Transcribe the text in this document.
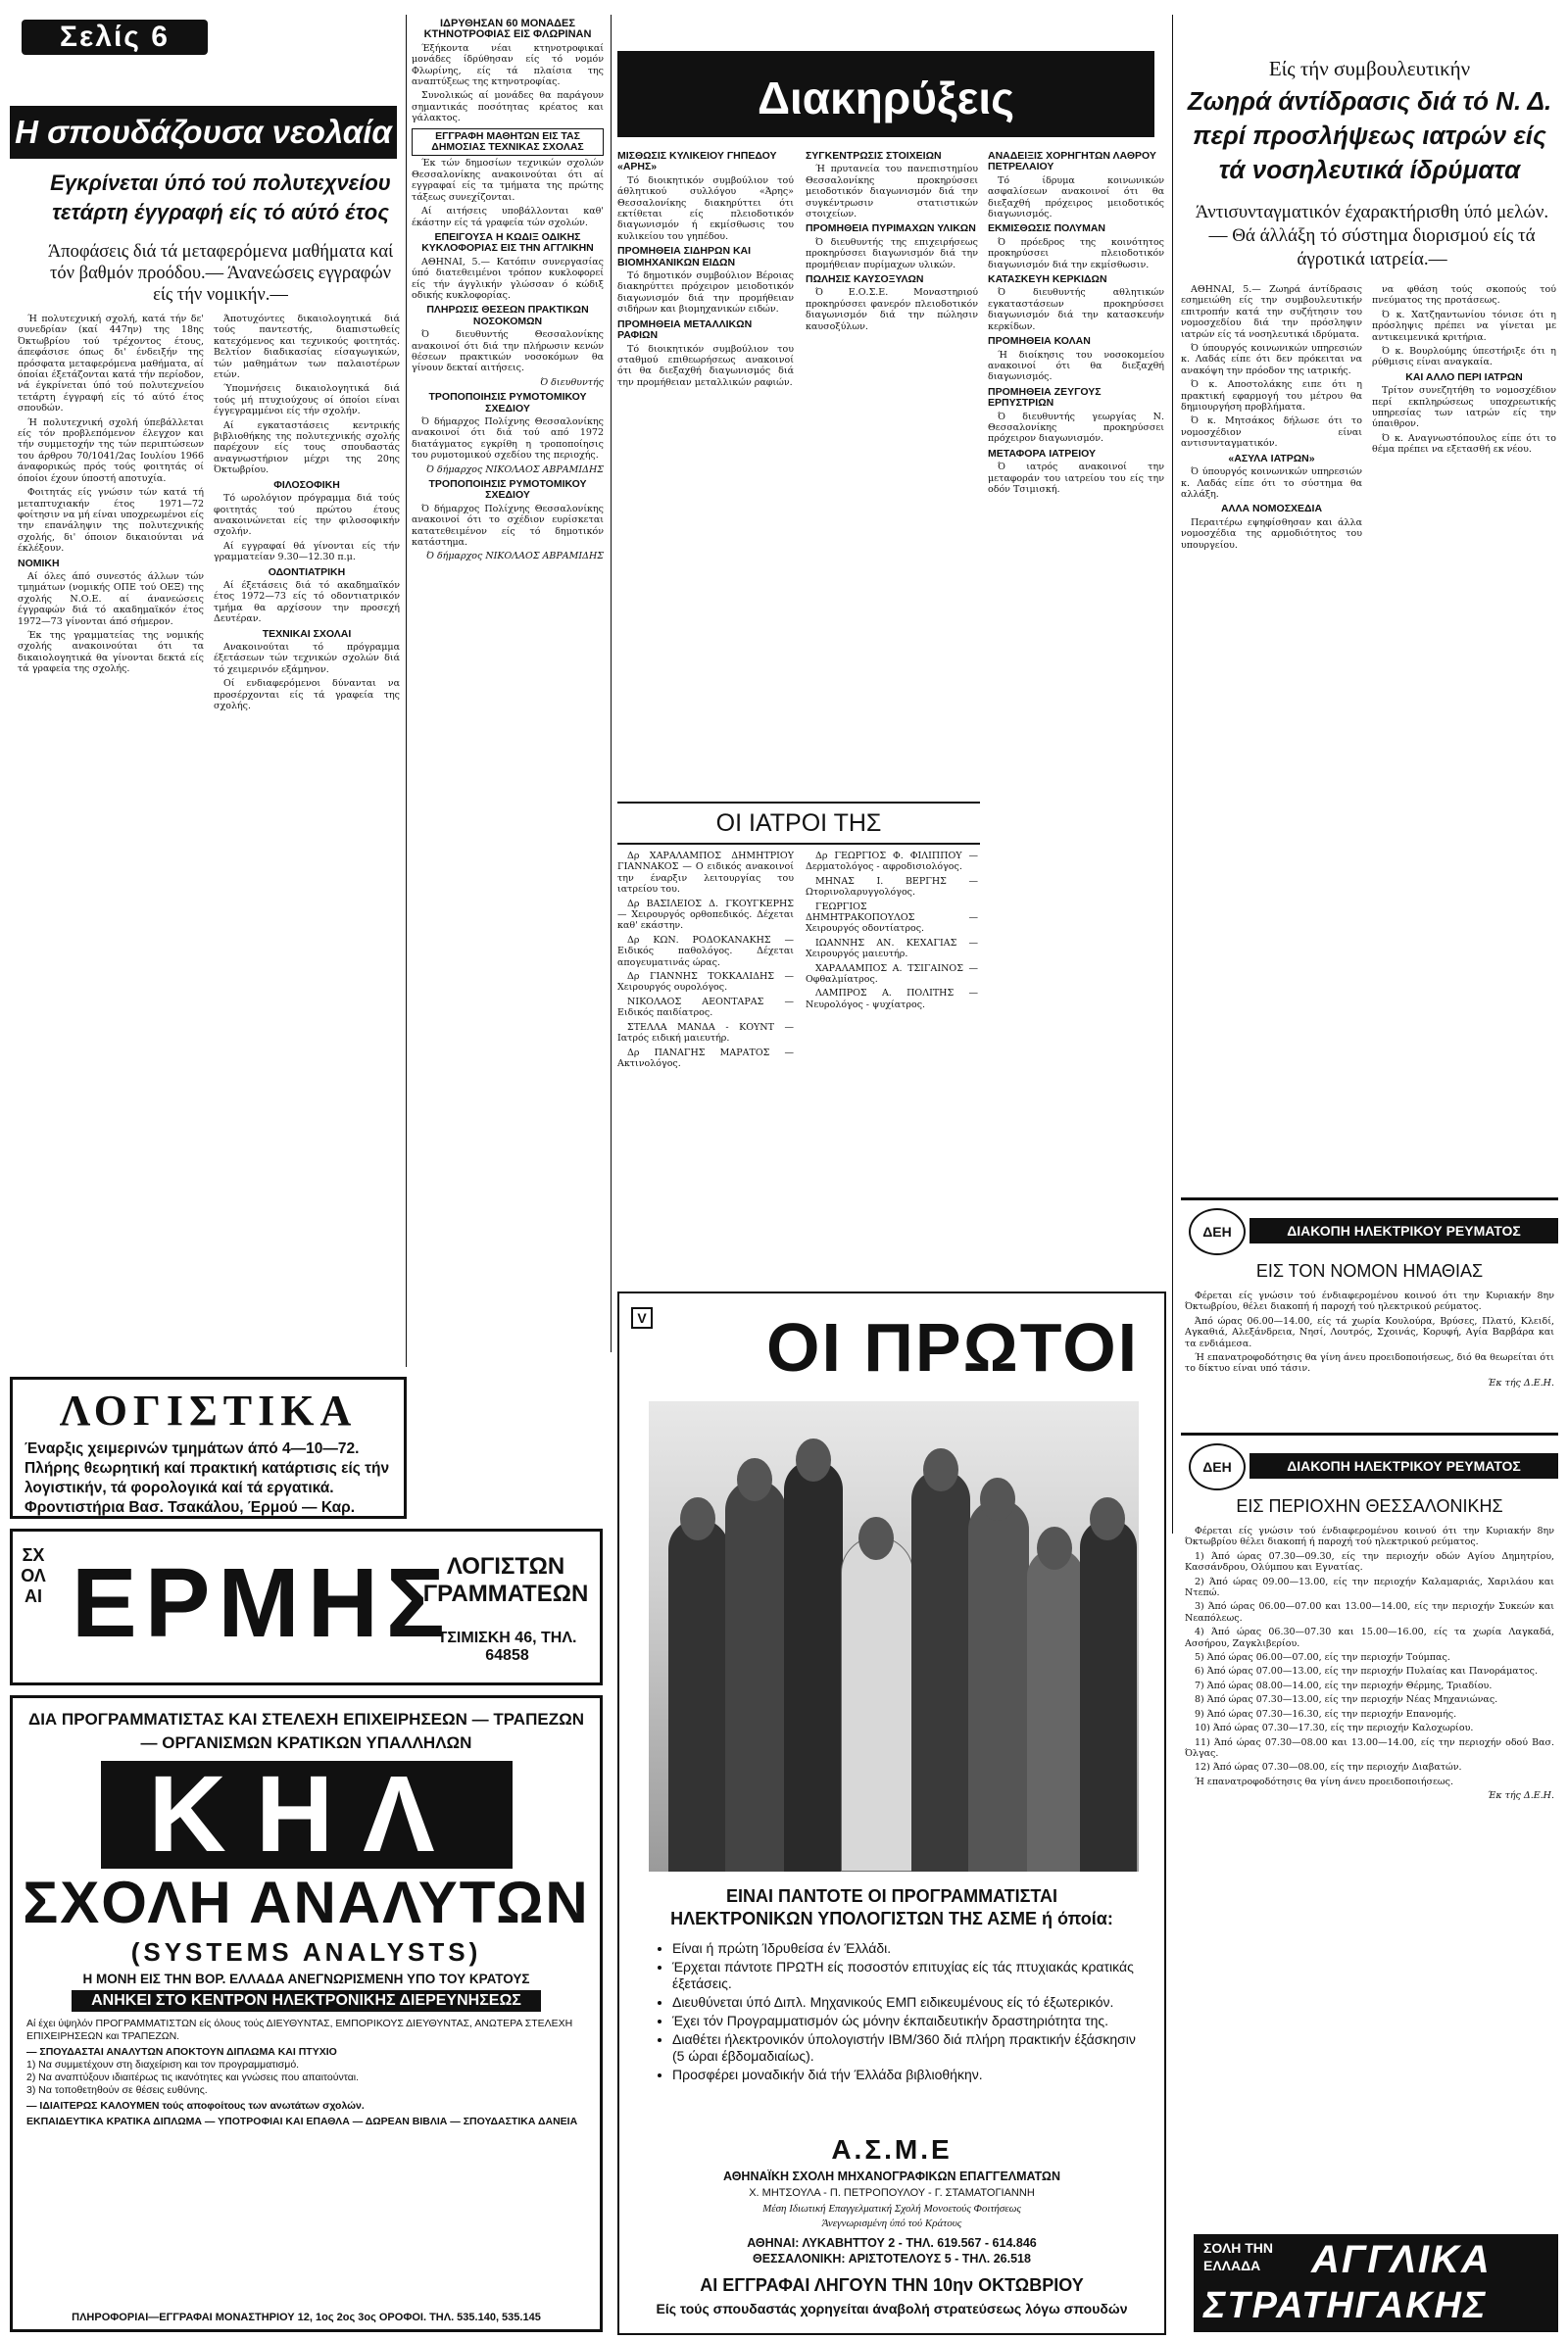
Σελίς 6
Η σπουδάζουσα νεολαία
Εγκρίνεται ύπό τού πολυτεχνείου τετάρτη έγγραφή είς τό αύτό έτος
Άποφάσεις διά τά μεταφερόμενα μαθήματα καί τόν βαθμόν προόδου.— Άνανεώσεις εγγραφών είς τήν νομικήν.—

Ή πολυτεχνική σχολή, κατά τήν δε' συνεδρίαν (καί 447ην) της 18ης Όκτωβρίου τού τρέχοντος έτους, άπεφάσισε όπως δι' ένδειξήν της πρόσφατα μεταφερόμενα μαθήματα, αί όποίαι έξετάζονται κατά τήν περίοδον, νά έγκρίνεται ύπό τού πολυτεχνείου τετάρτη έγγραφή είς τό αύτό έτος σπουδών.

Ή πολυτεχνική σχολή ύπεβάλλεται είς τόν προβλεπόμενον έλεγχον και τήν συμμετοχήν της τών περιπτώσεων του άρθρου 70/1041/2ας Ιουλίου 1966 άναφορικώς πρός τούς φοιτητάς οί όποίοι έχουν ύποστή αποτυχία.

Φοιτητάς είς γνώσιν τών κατά τή μεταπτυχιακήν έτος 1971—72 φοίτησιν να μή είναι υποχρεωμένοι είς την επανάληψιν της πολυτεχνικής σχολής, δι' όποιον δικαιούνται νά έκλέξουν.

ΝΟΜΙΚΗ

Αί όλες άπό συνεστός άλλων τών τμημάτων (νομικής ΟΠΕ τού ΟΕΞ) της σχολής Ν.Ο.Ε. αί άνανεώσεις έγγραφών διά τό ακαδημαϊκόν έτος 1972—73 γίνονται άπό σήμερον.

Έκ της γραμματείας της νομικής σχολής ανακοινούται ότι τα δικαιολογητικά θα γίνονται δεκτά είς τά γραφεία της σχολής.

Άποτυχόντες δικαιολογητικά διά τούς παντεστής, διαπιστωθείς κατεχόμενος και τεχνικούς φοιτητάς. Βελτίον διαδικασίας είσαγωγικών, τών μαθημάτων των παλαιοτέρων ετών.

Ύπομνήσεις δικαιολογητικά διά τούς μή πτυχιούχους οί όποίοι είναι έγγεγραμμένοι είς τήν σχολήν.

Αί εγκαταστάσεις κεντρικής βιβλιοθήκης της πολυτεχνικής σχολής παρέχουν είς τους σπουδαστάς αναγνωστήριον μέχρι της 20ης Όκτωβρίου.

ΦΙΛΟΣΟΦΙΚΗ

Τό ωρολόγιον πρόγραμμα διά τούς φοιτητάς τού πρώτου έτους ανακοινώνεται είς την φιλοσοφικήν σχολήν.

Αί εγγραφαί θά γίνονται είς τήν γραμματείαν 9.30—12.30 π.μ.

ΟΔΟΝΤΙΑΤΡΙΚΗ

Αί έξετάσεις διά τό ακαδημαϊκόν έτος 1972—73 είς τό οδοντιατρικόν τμήμα θα αρχίσουν την προσεχή Δευτέραν.

ΤΕΧΝΙΚΑΙ ΣΧΟΛΑΙ

Ανακοινούται τό πρόγραμμα έξετάσεων τών τεχνικών σχολών διά τό χειμερινόν εξάμηνον.

Οί ενδιαφερόμενοι δύνανται να προσέρχονται είς τά γραφεία της σχολής.

ΙΔΡΥΘΗΣΑΝ 60 ΜΟΝΑΔΕΣ ΚΤΗΝΟΤΡΟΦΙΑΣ ΕΙΣ ΦΛΩΡΙΝΑΝ

Έξήκοντα νέαι κτηνοτροφικαί μονάδες ίδρύθησαν είς τό νομόν Φλωρίνης, είς τά πλαίσια της αναπτύξεως της κτηνοτροφίας.

Συνολικώς αί μονάδες θα παράγουν σημαντικάς ποσότητας κρέατος και γάλακτος.

ΕΓΓΡΑΦΗ ΜΑΘΗΤΩΝ ΕΙΣ ΤΑΣ ΔΗΜΟΣΙΑΣ ΤΕΧΝΙΚΑΣ ΣΧΟΛΑΣ

Έκ τών δημοσίων τεχνικών σχολών Θεσσαλονίκης ανακοινούται ότι αί εγγραφαί είς τα τμήματα της πρώτης τάξεως συνεχίζονται.

Αί αιτήσεις υποβάλλονται καθ' έκάστην είς τά γραφεία τών σχολών.

ΕΠΕΙΓΟΥΣΑ Η ΚΩΔΙΞ ΟΔΙΚΗΣ ΚΥΚΛΟΦΟΡΙΑΣ ΕΙΣ ΤΗΝ ΑΓΓΛΙΚΗΝ

ΑΘΗΝΑΙ, 5.— Κατόπιν συνεργασίας ύπό διατεθειμένοι τρόπον κυκλοφορεί είς τήν άγγλικήν γλώσσαν ό κώδιξ οδικής κυκλοφορίας.

ΠΛΗΡΩΣΙΣ ΘΕΣΕΩΝ ΠΡΑΚΤΙΚΩΝ ΝΟΣΟΚΟΜΩΝ

Ό διευθυντής Θεσσαλονίκης ανακοινοί ότι διά την πλήρωσιν κενών θέσεων πρακτικών νοσοκόμων θα γίνουν δεκταί αιτήσεις.

Ό διευθυντής
ΤΡΟΠΟΠΟΙΗΣΙΣ ΡΥΜΟΤΟΜΙΚΟΥ ΣΧΕΔΙΟΥ

Ό δήμαρχος Πολίχνης Θεσσαλονίκης ανακοινοί ότι διά τού από 1972 διατάγματος εγκρίθη η τροποποίησις του ρυμοτομικού σχεδίου της περιοχής.

Ό δήμαρχος ΝΙΚΟΛΑΟΣ ΑΒΡΑΜΙΔΗΣ
ΤΡΟΠΟΠΟΙΗΣΙΣ ΡΥΜΟΤΟΜΙΚΟΥ ΣΧΕΔΙΟΥ

Ό δήμαρχος Πολίχνης Θεσσαλονίκης ανακοινοί ότι το σχέδιον ευρίσκεται κατατεθειμένον είς τό δημοτικόν κατάστημα.

Ό δήμαρχος ΝΙΚΟΛΑΟΣ ΑΒΡΑΜΙΔΗΣ
ΛΟΓΙΣΤΙΚΑ
Έναρξις χειμερινών τμημάτων άπό 4—10—72. Πλήρης θεωρητική καί πρακτική κατάρτισις είς τήν λογιστικήν, τά φορολογικά καί τά εργατικά. Φροντιστήρια Βασ. Τσακάλου, Έρμού — Καρ.
ΣΧΟΛΑΙ ΕΡΜΗΣ
ΛΟΓΙΣΤΩΝ ΓΡΑΜΜΑΤΕΩΝ
ΤΣΙΜΙΣΚΗ 46, ΤΗΛ. 64858
ΔΙΑ ΠΡΟΓΡΑΜΜΑΤΙΣΤΑΣ ΚΑΙ ΣΤΕΛΕΧΗ ΕΠΙΧΕΙΡΗΣΕΩΝ — ΤΡΑΠΕΖΩΝ
— ΟΡΓΑΝΙΣΜΩΝ ΚΡΑΤΙΚΩΝ ΥΠΑΛΛΗΛΩΝ
ΚΗΛ
ΣΧΟΛΗ ΑΝΑΛΥΤΩΝ
(SYSTEMS ANALYSTS)
Η ΜΟΝΗ ΕΙΣ ΤΗΝ ΒΟΡ. ΕΛΛΑΔΑ ΑΝΕΓΝΩΡΙΣΜΕΝΗ ΥΠΟ ΤΟΥ ΚΡΑΤΟΥΣ
ΑΝΗΚΕΙ ΣΤΟ ΚΕΝΤΡΟΝ ΗΛΕΚΤΡΟΝΙΚΗΣ ΔΙΕΡΕΥΝΗΣΕΩΣ
Αί έχει ύψηλόν ΠΡΟΓΡΑΜΜΑΤΙΣΤΩΝ είς όλους τούς ΔΙΕΥΘΥΝΤΑΣ, ΕΜΠΟΡΙΚΟΥΣ ΔΙΕΥΘΥΝΤΑΣ, ΑΝΩΤΕΡΑ ΣΤΕΛΕΧΗ ΕΠΙΧΕΙΡΗΣΕΩΝ και ΤΡΑΠΕΖΩΝ.
— ΣΠΟΥΔΑΣΤΑΙ ΑΝΑΛΥΤΩΝ ΑΠΟΚΤΟΥΝ ΔΙΠΛΩΜΑ ΚΑΙ ΠΤΥΧΙΟ
1) Να συμμετέχουν στη διαχείριση και τον προγραμματισμό.
2) Να αναπτύξουν ιδιαιτέρως τις ικανότητες και γνώσεις που απαιτούνται.
3) Να τοποθετηθούν σε θέσεις ευθύνης.
— ΙΔΙΑΙΤΕΡΩΣ ΚΑΛΟΥΜΕΝ τούς αποφοίτους των ανωτάτων σχολών.
ΕΚΠΑΙΔΕΥΤΙΚΑ ΚΡΑΤΙΚΑ ΔΙΠΛΩΜΑ — ΥΠΟΤΡΟΦΙΑΙ ΚΑΙ ΕΠΑΘΛΑ — ΔΩΡΕΑΝ ΒΙΒΛΙΑ — ΣΠΟΥΔΑΣΤΙΚΑ ΔΑΝΕΙΑ
ΠΛΗΡΟΦΟΡΙΑΙ—ΕΓΓΡΑΦΑΙ ΜΟΝΑΣΤΗΡΙΟΥ 12, 1ος 2ος 3ος ΟΡΟΦΟΙ. ΤΗΛ. 535.140, 535.145
Διακηρύξεις
ΜΙΣΘΩΣΙΣ ΚΥΛΙΚΕΙΟΥ ΓΗΠΕΔΟΥ «ΑΡΗΣ»

Τό διοικητικόν συμβούλιον τού άθλητικού συλλόγου «Άρης» Θεσσαλονίκης διακηρύττει ότι εκτίθεται είς πλειοδοτικόν διαγωνισμόν ή εκμίσθωσις του κυλικείου του γηπέδου.

ΠΡΟΜΗΘΕΙΑ ΣΙΔΗΡΩΝ ΚΑΙ ΒΙΟΜΗΧΑΝΙΚΩΝ ΕΙΔΩΝ

Τό δημοτικόν συμβούλιον Βέροιας διακηρύττει πρόχειρον μειοδοτικόν διαγωνισμόν διά την προμήθειαν σιδήρων και βιομηχανικών ειδών.

ΠΡΟΜΗΘΕΙΑ ΜΕΤΑΛΛΙΚΩΝ ΡΑΦΙΩΝ

Τό διοικητικόν συμβούλιον του σταθμού επιθεωρήσεως ανακοινοί ότι θα διεξαχθή διαγωνισμός διά την προμήθειαν μεταλλικών ραφιών.

ΣΥΓΚΕΝΤΡΩΣΙΣ ΣΤΟΙΧΕΙΩΝ

Ή πρυτανεία του πανεπιστημίου Θεσσαλονίκης προκηρύσσει μειοδοτικόν διαγωνισμόν διά την συγκέντρωσιν στατιστικών στοιχείων.

ΠΡΟΜΗΘΕΙΑ ΠΥΡΙΜΑΧΩΝ ΥΛΙΚΩΝ

Ό διευθυντής της επιχειρήσεως προκηρύσσει διαγωνισμόν διά την προμήθειαν πυρίμαχων υλικών.

ΠΩΛΗΣΙΣ ΚΑΥΣΟΞΥΛΩΝ

Ό Ε.Ο.Σ.Ε. Μοναστηριού προκηρύσσει φανερόν πλειοδοτικόν διαγωνισμόν διά την πώλησιν καυσοξύλων.

ΑΝΑΔΕΙΞΙΣ ΧΟΡΗΓΗΤΩΝ ΛΑΘΡΟΥ ΠΕΤΡΕΛΑΙΟΥ

Τό ίδρυμα κοινωνικών ασφαλίσεων ανακοινοί ότι θα διεξαχθή πρόχειρος μειοδοτικός διαγωνισμός.

ΕΚΜΙΣΘΩΣΙΣ ΠΟΛΥΜΑΝ

Ό πρόεδρος της κοινότητος προκηρύσσει πλειοδοτικόν διαγωνισμόν διά την εκμίσθωσιν.

ΚΑΤΑΣΚΕΥΗ ΚΕΡΚΙΔΩΝ

Ό διευθυντής αθλητικών εγκαταστάσεων προκηρύσσει διαγωνισμόν διά την κατασκευήν κερκίδων.

ΠΡΟΜΗΘΕΙΑ ΚΟΛΑΝ

Ή διοίκησις του νοσοκομείου ανακοινοί ότι θα διεξαχθή διαγωνισμός.

ΠΡΟΜΗΘΕΙΑ ΖΕΥΓΟΥΣ ΕΡΠΥΣΤΡΙΩΝ

Ό διευθυντής γεωργίας Ν. Θεσσαλονίκης προκηρύσσει πρόχειρον διαγωνισμόν.

ΜΕΤΑΦΟΡΑ ΙΑΤΡΕΙΟΥ

Ό ιατρός ανακοινοί την μεταφοράν του ιατρείου του είς την οδόν Τσιμισκή.

ΟΙ ΙΑΤΡΟΙ ΤΗΣ

Δρ ΧΑΡΑΛΑΜΠΟΣ ΔΗΜΗΤΡΙΟΥ ΓΙΑΝΝΑΚΟΣ — Ο ειδικός ανακοινοί την έναρξιν λειτουργίας του ιατρείου του.

Δρ ΒΑΣΙΛΕΙΟΣ Δ. ΓΚΟΥΓΚΕΡΗΣ — Χειρουργός ορθοπεδικός. Δέχεται καθ' εκάστην.

Δρ ΚΩΝ. ΡΟΔΟΚΑΝΑΚΗΣ — Ειδικός παθολόγος. Δέχεται απογευματινάς ώρας.

Δρ ΓΙΑΝΝΗΣ ΤΟΚΚΑΛΙΔΗΣ — Χειρουργός ουρολόγος.

ΝΙΚΟΛΑΟΣ ΑΕΟΝΤΑΡΑΣ — Ειδικός παιδίατρος.

ΣΤΕΛΛΑ ΜΑΝΔΑ - ΚΟΥΝΤ — Ιατρός ειδική μαιευτήρ.

Δρ ΠΑΝΑΓΗΣ ΜΑΡΑΤΟΣ — Ακτινολόγος.

Δρ ΓΕΩΡΓΙΟΣ Φ. ΦΙΛΙΠΠΟΥ — Δερματολόγος - αφροδισιολόγος.

ΜΗΝΑΣ Ι. ΒΕΡΓΗΣ — Ωτορινολαρυγγολόγος.

ΓΕΩΡΓΙΟΣ ΔΗΜΗΤΡΑΚΟΠΟΥΛΟΣ — Χειρουργός οδοντίατρος.

ΙΩΑΝΝΗΣ ΑΝ. ΚΕΧΑΓΙΑΣ — Χειρουργός μαιευτήρ.

ΧΑΡΑΛΑΜΠΟΣ Α. ΤΣΙΓΑΙΝΟΣ — Οφθαλμίατρος.

ΛΑΜΠΡΟΣ Α. ΠΟΛΙΤΗΣ — Νευρολόγος - ψυχίατρος.

V ΟΙ ΠΡΩΤΟΙ
ΕΙΝΑΙ ΠΑΝΤΟΤΕ ΟΙ ΠΡΟΓΡΑΜΜΑΤΙΣΤΑΙ
ΗΛΕΚΤΡΟΝΙΚΩΝ ΥΠΟΛΟΓΙΣΤΩΝ ΤΗΣ ΑΣΜΕ ή όποία:
• Είναι ή πρώτη Ίδρυθείσα έν Έλλάδι.
• Έρχεται πάντοτε ΠΡΩΤΗ είς ποσοστόν επιτυχίας είς τάς πτυχιακάς κρατικάς έξετάσεις.
• Διευθύνεται ύπό Διπλ. Μηχανικούς ΕΜΠ ειδικευμένους είς τό έξωτερικόν.
• Έχει τόν Προγραμματισμόν ώς μόνην έκπαιδευτικήν δραστηριότητα της.
• Διαθέτει ήλεκτρονικόν ύπολογιστήν IBM/360 διά πλήρη πρακτικήν έξάσκησιν (5 ώραι έβδομαδιαίως).
• Προσφέρει μοναδικήν διά τήν Έλλάδα βιβλιοθήκην.
Α.Σ.Μ.Ε
ΑΘΗΝΑΪΚΗ ΣΧΟΛΗ ΜΗΧΑΝΟΓΡΑΦΙΚΩΝ ΕΠΑΓΓΕΛΜΑΤΩΝ
Χ. ΜΗΤΣΟΥΛΑ - Π. ΠΕΤΡΟΠΟΥΛΟΥ - Γ. ΣΤΑΜΑΤΟΓΙΑΝΝΗ
Μέση Ιδιωτική Επαγγελματική Σχολή Μονοετούς Φοιτήσεως
Άνεγνωρισμένη ύπό τού Κράτους
ΑΘΗΝΑΙ: ΛΥΚΑΒΗΤΤΟΥ 2 - ΤΗΛ. 619.567 - 614.846
ΘΕΣΣΑΛΟΝΙΚΗ: ΑΡΙΣΤΟΤΕΛΟΥΣ 5 - ΤΗΛ. 26.518
ΑΙ ΕΓΓΡΑΦΑΙ ΛΗΓΟΥΝ ΤΗΝ 10ην ΟΚΤΩΒΡΙΟΥ
Είς τούς σπουδαστάς χορηγείται άναβολή στρατεύσεως λόγω σπουδών
Είς τήν συμβουλευτικήν
Ζωηρά άντίδρασις διά τό Ν. Δ. περί προσλήψεως ιατρών είς τά νοσηλευτικά ίδρύματα
Άντισυνταγματικόν έχαρακτήρισθη ύπό μελών.— Θά άλλάξη τό σύστημα διορισμού είς τά άγροτικά ιατρεία.—

ΑΘΗΝΑΙ, 5.— Ζωηρά άντίδρασις εσημειώθη είς την συμβουλευτικήν επιτροπήν κατά την συζήτησιν του νομοσχεδίου διά την πρόσληψιν ιατρών είς τά νοσηλευτικά ιδρύματα.

Ό ύπουργός κοινωνικών υπηρεσιών κ. Λαδάς είπε ότι δεν πρόκειται να ανακόψη την πρόοδον της ιατρικής.

Ό κ. Αποστολάκης ειπε ότι η πρακτική εφαρμογή του μέτρου θα δημιουργήση προβλήματα.

Ό κ. Μητσάκος δήλωσε ότι το νομοσχέδιον είναι αντισυνταγματικόν.

«ΑΣΥΛΑ ΙΑΤΡΩΝ»

Ό ύπουργός κοινωνικών υπηρεσιών κ. Λαδάς είπε ότι το σύστημα θα αλλάξη.

ΑΛΛΑ ΝΟΜΟΣΧΕΔΙΑ

Περαιτέρω εψηφίσθησαν και άλλα νομοσχέδια της αρμοδιότητος του υπουργείου.

να φθάση τούς σκοπούς τού πνεύματος της προτάσεως.

Ό κ. Χατζηαντωνίου τόνισε ότι η πρόσληψις πρέπει να γίνεται με αντικειμενικά κριτήρια.

Ό κ. Βουρλούμης ύπεστήριξε ότι η ρύθμισις είναι αναγκαία.

ΚΑΙ ΑΛΛΟ ΠΕΡΙ ΙΑΤΡΩΝ

Τρίτον συνεζητήθη το νομοσχέδιον περί εκπληρώσεως υποχρεωτικής υπηρεσίας των ιατρών είς την ύπαιθρον.

Ό κ. Αναγνωστόπουλος είπε ότι το θέμα πρέπει να εξετασθή εκ νέου.

ΔΕΗ	ΔΙΑΚΟΠΗ ΗΛΕΚΤΡΙΚΟΥ ΡΕΥΜΑΤΟΣ
ΕΙΣ ΤΟΝ ΝΟΜΟΝ ΗΜΑΘΙΑΣ

Φέρεται είς γνώσιν τού ένδιαφερομένου κοινού ότι την Κυριακήν 8ην Όκτωβρίου, θέλει διακοπή ή παροχή τού ηλεκτρικού ρεύματος.

Άπό ώρας 06.00—14.00, είς τά χωρία Κουλούρα, Βρύσες, Πλατύ, Κλειδί, Αγκαθιά, Αλεξάνδρεια, Νησί, Λουτρός, Σχοινάς, Κορυφή, Αγία Βαρβάρα και τα ενδιάμεσα.

Ή επανατροφοδότησις θα γίνη άνευ προειδοποιήσεως, διό θα θεωρείται ότι το δίκτυο είναι υπό τάσιν.

Έκ τής Δ.Ε.Η.
ΔΕΗ	ΔΙΑΚΟΠΗ ΗΛΕΚΤΡΙΚΟΥ ΡΕΥΜΑΤΟΣ
ΕΙΣ ΠΕΡΙΟΧΗΝ ΘΕΣΣΑΛΟΝΙΚΗΣ

Φέρεται είς γνώσιν τού ένδιαφερομένου κοινού ότι την Κυριακήν 8ην Όκτωβρίου θέλει διακοπή ή παροχή τού ηλεκτρικού ρεύματος.

1) Άπό ώρας 07.30—09.30, είς την περιοχήν οδών Αγίου Δημητρίου, Κασσάνδρου, Ολύμπου και Εγνατίας.

2) Άπό ώρας 09.00—13.00, είς την περιοχήν Καλαμαριάς, Χαριλάου και Ντεπώ.

3) Άπό ώρας 06.00—07.00 και 13.00—14.00, είς την περιοχήν Συκεών και Νεαπόλεως.

4) Άπό ώρας 06.30—07.30 και 15.00—16.00, είς τα χωρία Λαγκαδά, Ασσήρου, Ζαγκλιβερίου.

5) Άπό ώρας 06.00—07.00, είς την περιοχήν Τούμπας.

6) Άπό ώρας 07.00—13.00, είς την περιοχήν Πυλαίας και Πανοράματος.

7) Άπό ώρας 08.00—14.00, είς την περιοχήν Θέρμης, Τριαδίου.

8) Άπό ώρας 07.30—13.00, είς την περιοχήν Νέας Μηχανιώνας.

9) Άπό ώρας 07.30—16.30, είς την περιοχήν Επανομής.

10) Άπό ώρας 07.30—17.30, είς την περιοχήν Καλοχωρίου.

11) Άπό ώρας 07.30—08.00 και 13.00—14.00, είς την περιοχήν οδού Βασ. Όλγας.

12) Άπό ώρας 07.30—08.00, είς την περιοχήν Διαβατών.

Ή επανατροφοδότησις θα γίνη άνευ προειδοποιήσεως.

Έκ τής Δ.Ε.Η.
ΣΟΛΗ ΤΗΝ
ΕΛΛΑΔΑ ΑΓΓΛΙΚΑ
ΣΤΡΑΤΗΓΑΚΗΣ
